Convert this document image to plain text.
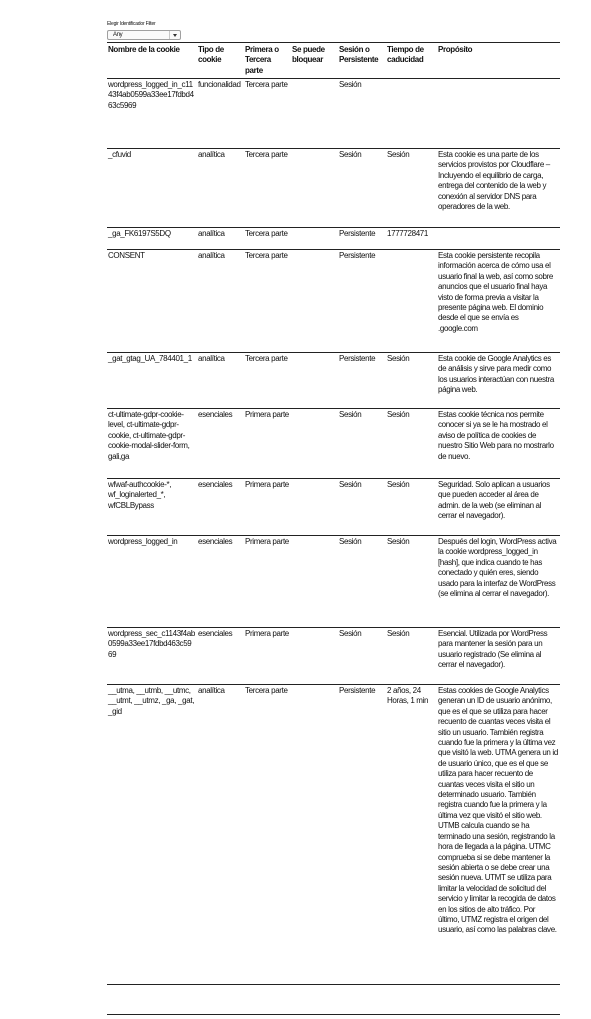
Elegir Identificador Filter
Any
Nombre de la cookie	Tipo de cookie	Primera o Tercera parte	Se puede bloquear	Sesión o Persistente	Tiempo de caducidad	Propósito
wordpress_logged_in_c1143f4ab0599a33ee17fdbd463c5969	funcionalidad	Tercera parte		Sesión		
_cfuvid	analítica	Tercera parte		Sesión	Sesión	Esta cookie es una parte de los servicios provistos por Cloudflare – Incluyendo el equilibrio de carga, entrega del contenido de la web y conexión al servidor DNS para operadores de la web.
_ga_FK6197S5DQ	analítica	Tercera parte		Persistente	1777728471	
CONSENT	analítica	Tercera parte		Persistente		Esta cookie persistente recopila información acerca de cómo usa el usuario final la web, así como sobre anuncios que el usuario final haya visto de forma previa a visitar la presente página web. El dominio desde el que se envía es .google.com
_gat_gtag_UA_784401_1	analítica	Tercera parte		Persistente	Sesión	Esta cookie de Google Analytics es de análisis y sirve para medir como los usuarios interactúan con nuestra página web.
ct-ultimate-gdpr-cookie-level, ct-ultimate-gdpr-cookie, ct-ultimate-gdpr-cookie-modal-slider-form, gali,ga	esenciales	Primera parte		Sesión	Sesión	Estas cookie técnica nos permite conocer si ya se le ha mostrado el aviso de política de cookies de nuestro Sitio Web para no mostrarlo de nuevo.
wfwaf-authcookie-*, wf_loginalerted_*, wfCBLBypass	esenciales	Primera parte		Sesión	Sesión	Seguridad. Solo aplican a usuarios que pueden acceder al área de admin. de la web (se eliminan al cerrar el navegador).
wordpress_logged_in	esenciales	Primera parte		Sesión	Sesión	Después del login, WordPress activa la cookie wordpress_logged_in [hash], que indica cuando te has conectado y quién eres, siendo usado para la interfaz de WordPress (se elimina al cerrar el navegador).
wordpress_sec_c1143f4ab0599a33ee17fdbd463c5969	esenciales	Primera parte		Sesión	Sesión	Esencial. Utilizada por WordPress para mantener la sesión para un usuario registrado (Se elimina al cerrar el navegador).
__utma, __utmb, __utmc, __utmt, __utmz, _ga, _gat, _gid	analítica	Tercera parte		Persistente	2 años, 24 Horas, 1 min	Estas cookies de Google Analytics generan un ID de usuario anónimo, que es el que se utiliza para hacer recuento de cuantas veces visita el sitio un usuario. También registra cuando fue la primera y la última vez que visitó la web. UTMA genera un id de usuario único, que es el que se utiliza para hacer recuento de cuantas veces visita el sitio un determinado usuario. También registra cuando fue la primera y la última vez que visitó el sitio web. UTMB calcula cuando se ha terminado una sesión, registrando la hora de llegada a la página. UTMC comprueba si se debe mantener la sesión abierta o se debe crear una sesión nueva. UTMT se utiliza para limitar la velocidad de solicitud del servicio y limitar la recogida de datos en los sitios de alto tráfico. Por último, UTMZ registra el origen del usuario, así como las palabras clave.
